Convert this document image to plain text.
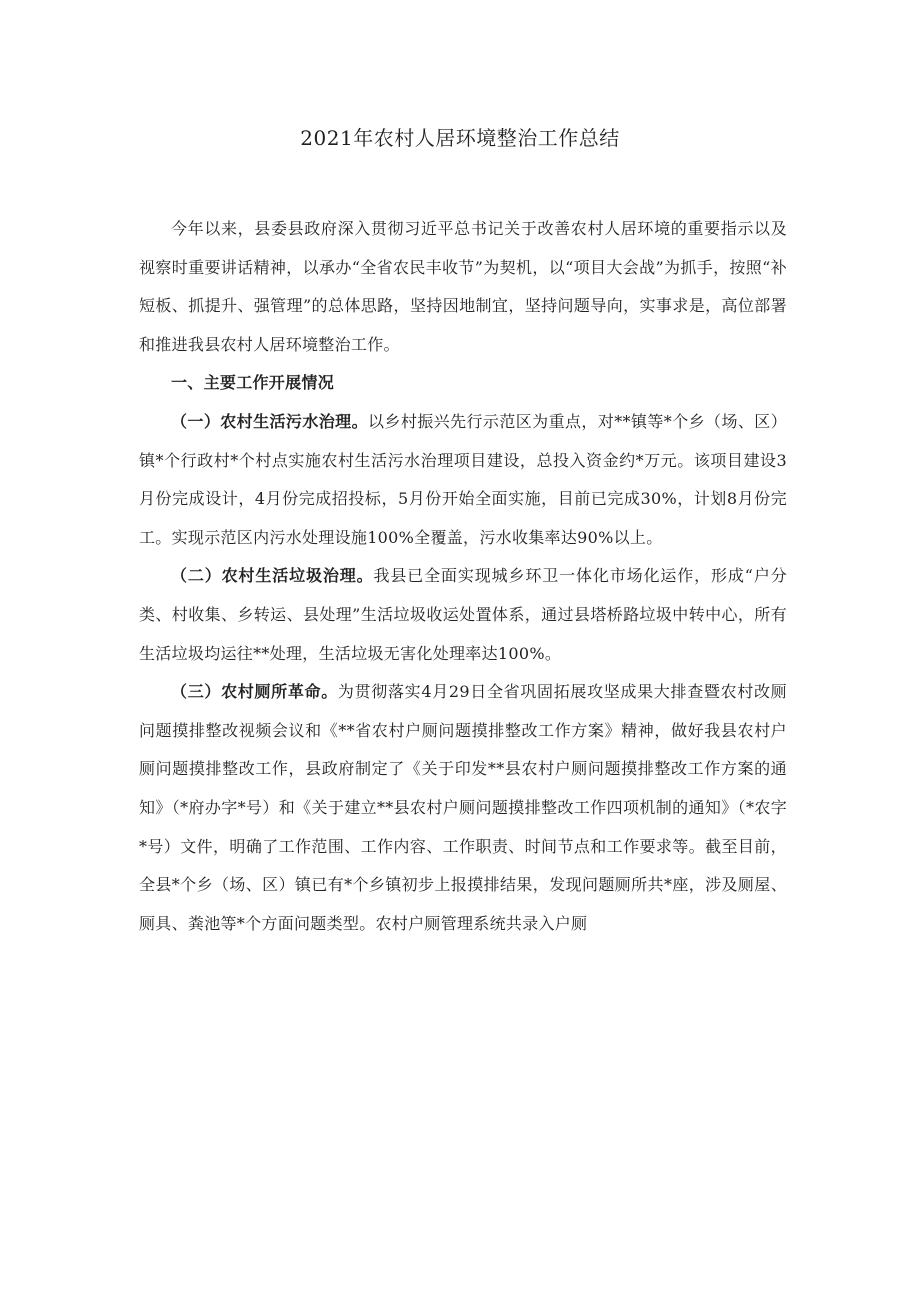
2021年农村人居环境整治工作总结

今年以来，县委县政府深入贯彻习近平总书记关于改善农村人居环境的重要指示以及视察时重要讲话精神，以承办“全省农民丰收节”为契机，以“项目大会战”为抓手，按照“补短板、抓提升、强管理”的总体思路，坚持因地制宜，坚持问题导向，实事求是，高位部署和推进我县农村人居环境整治工作。

一、主要工作开展情况

（一）农村生活污水治理。以乡村振兴先行示范区为重点，对**镇等*个乡（场、区）镇*个行政村*个村点实施农村生活污水治理项目建设，总投入资金约*万元。该项目建设3月份完成设计，4月份完成招投标，5月份开始全面实施，目前已完成30%，计划8月份完工。实现示范区内污水处理设施100%全覆盖，污水收集率达90%以上。

（二）农村生活垃圾治理。我县已全面实现城乡环卫一体化市场化运作，形成“户分类、村收集、乡转运、县处理”生活垃圾收运处置体系，通过县塔桥路垃圾中转中心，所有生活垃圾均运往**处理，生活垃圾无害化处理率达100%。

（三）农村厕所革命。为贯彻落实4月29日全省巩固拓展攻坚成果大排查暨农村改厕问题摸排整改视频会议和《**省农村户厕问题摸排整改工作方案》精神，做好我县农村户厕问题摸排整改工作，县政府制定了《关于印发**县农村户厕问题摸排整改工作方案的通知》（*府办字*号）和《关于建立**县农村户厕问题摸排整改工作四项机制的通知》（*农字*号）文件，明确了工作范围、工作内容、工作职责、时间节点和工作要求等。截至目前，全县*个乡（场、区）镇已有*个乡镇初步上报摸排结果，发现问题厕所共*座，涉及厕屋、厕具、粪池等*个方面问题类型。农村户厕管理系统共录入户厕
